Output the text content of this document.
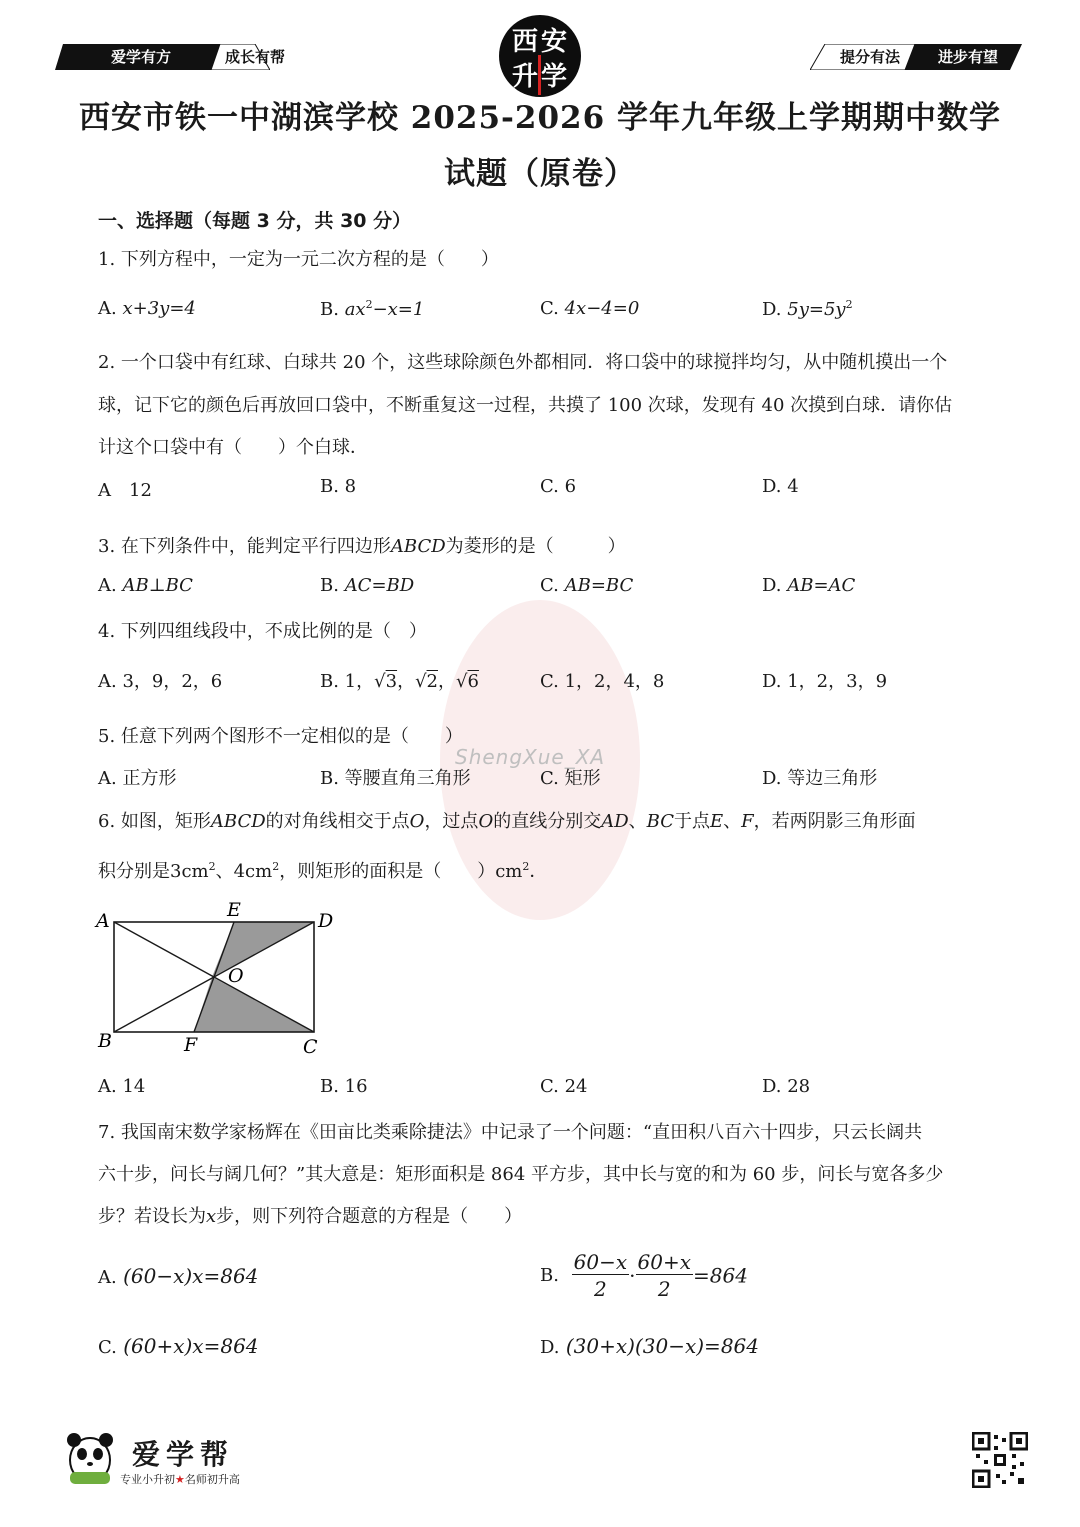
爱学有方	成长有帮	西 安
升 学
提分有法	进步有望
西安市铁一中湖滨学校 2025-2026 学年九年级上学期期中数学
试题（原卷）
一、选择题（每题 3 分，共 30 分）
ShengXue_XA
1. 下列方程中，一定为一元二次方程的是（　　）
A. x+3y=4	B. $ax^2-x=1$	C. 4x−4=0	D. $5y=5y^2$
2. 一个口袋中有红球、白球共 20 个，这些球除颜色外都相同．将口袋中的球搅拌均匀，从中随机摸出一个
球，记下它的颜色后再放回口袋中，不断重复这一过程，共摸了 100 次球，发现有 40 次摸到白球．请你估
计这个口袋中有（　　）个白球．
A　12	B. 8	C. 6	D. 4
3. 在下列条件中，能判定平行四边形ABCD为菱形的是（　　　）
A. AB⊥BC	B. AC=BD	C. AB=BC	D. AB=AC
4. 下列四组线段中，不成比例的是（　）
A. 3，9，2，6	B. 1，√3，√2，√6	C. 1，2，4，8	D. 1，2，3，9
5. 任意下列两个图形不一定相似的是（　　）
A. 正方形	B. 等腰直角三角形	C. 矩形	D. 等边三角形
6. 如图，矩形ABCD的对角线相交于点O，过点O的直线分别交AD、BC于点E、F，若两阴影三角形面
积分别是$3cm^2$、$4cm^2$，则矩形的面积是（　　）$cm^2$．
A	E	D
O
B	F	C
A. 14	B. 16	C. 24	D. 28
7. 我国南宋数学家杨辉在《田亩比类乘除捷法》中记录了一个问题：“直田积八百六十四步，只云长阔共
六十步，问长与阔几何？”其大意是：矩形面积是 864 平方步，其中长与宽的和为 60 步，问长与宽各多少
步？若设长为x步，则下列符合题意的方程是（　　）
A. (60−x)x=864	B. $\frac{60-x}{2} \cdot \frac{60+x}{2} =864$
C. (60+x)x=864	D. (30+x)(30−x)=864
爱学帮
专业小升初★名师初升高
